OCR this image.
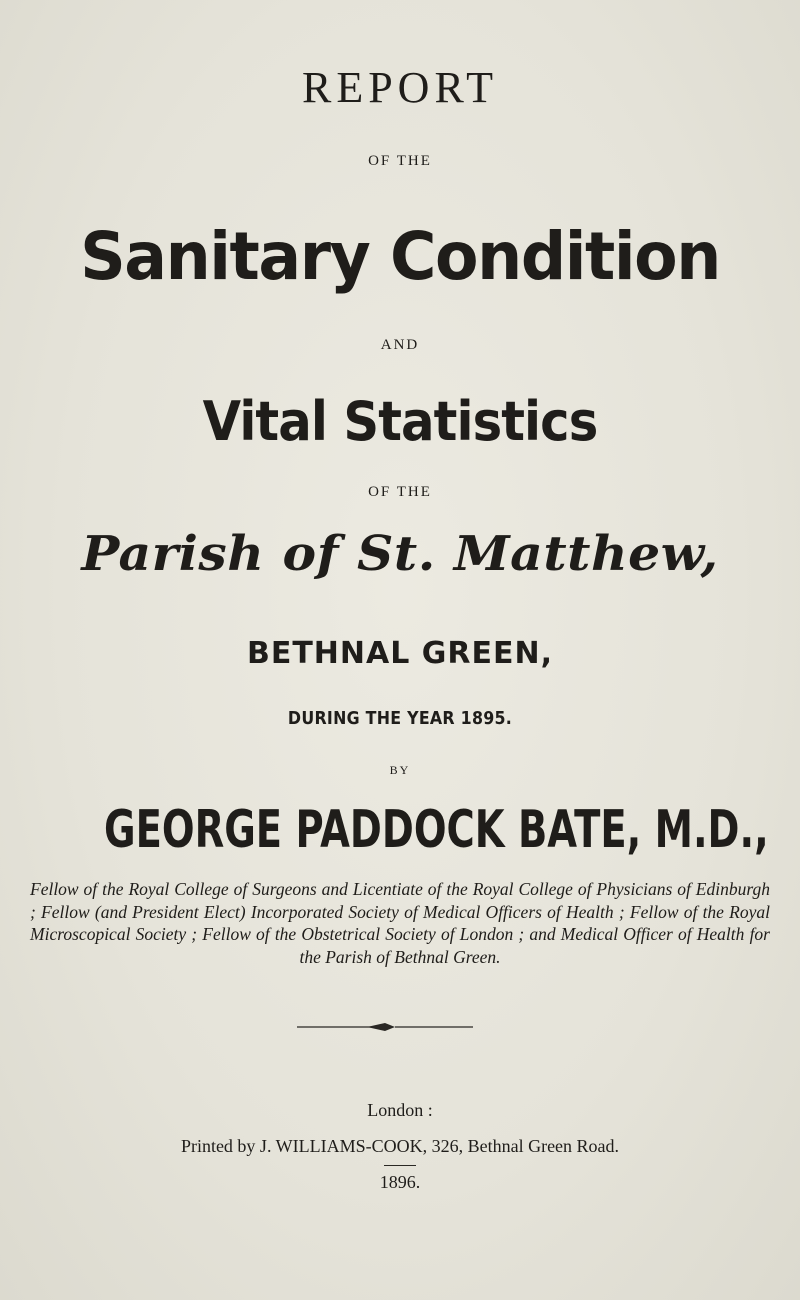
REPORT
OF THE
Sanitary Condition
AND
Vital Statistics
OF THE
Parish of St. Matthew,
BETHNAL GREEN,
DURING THE YEAR 1895.
BY
GEORGE PADDOCK BATE, M.D.,
Fellow of the Royal College of Surgeons and Licentiate of the Royal College of Physicians of Edinburgh ; Fellow (and President Elect) Incorporated Society of Medical Officers of Health ; Fellow of the Royal Microscopical Society ; Fellow of the Obstetrical Society of London ; and Medical Officer of Health for the Parish of Bethnal Green.
London :
Printed by J. WILLIAMS-COOK, 326, Bethnal Green Road.
1896.
